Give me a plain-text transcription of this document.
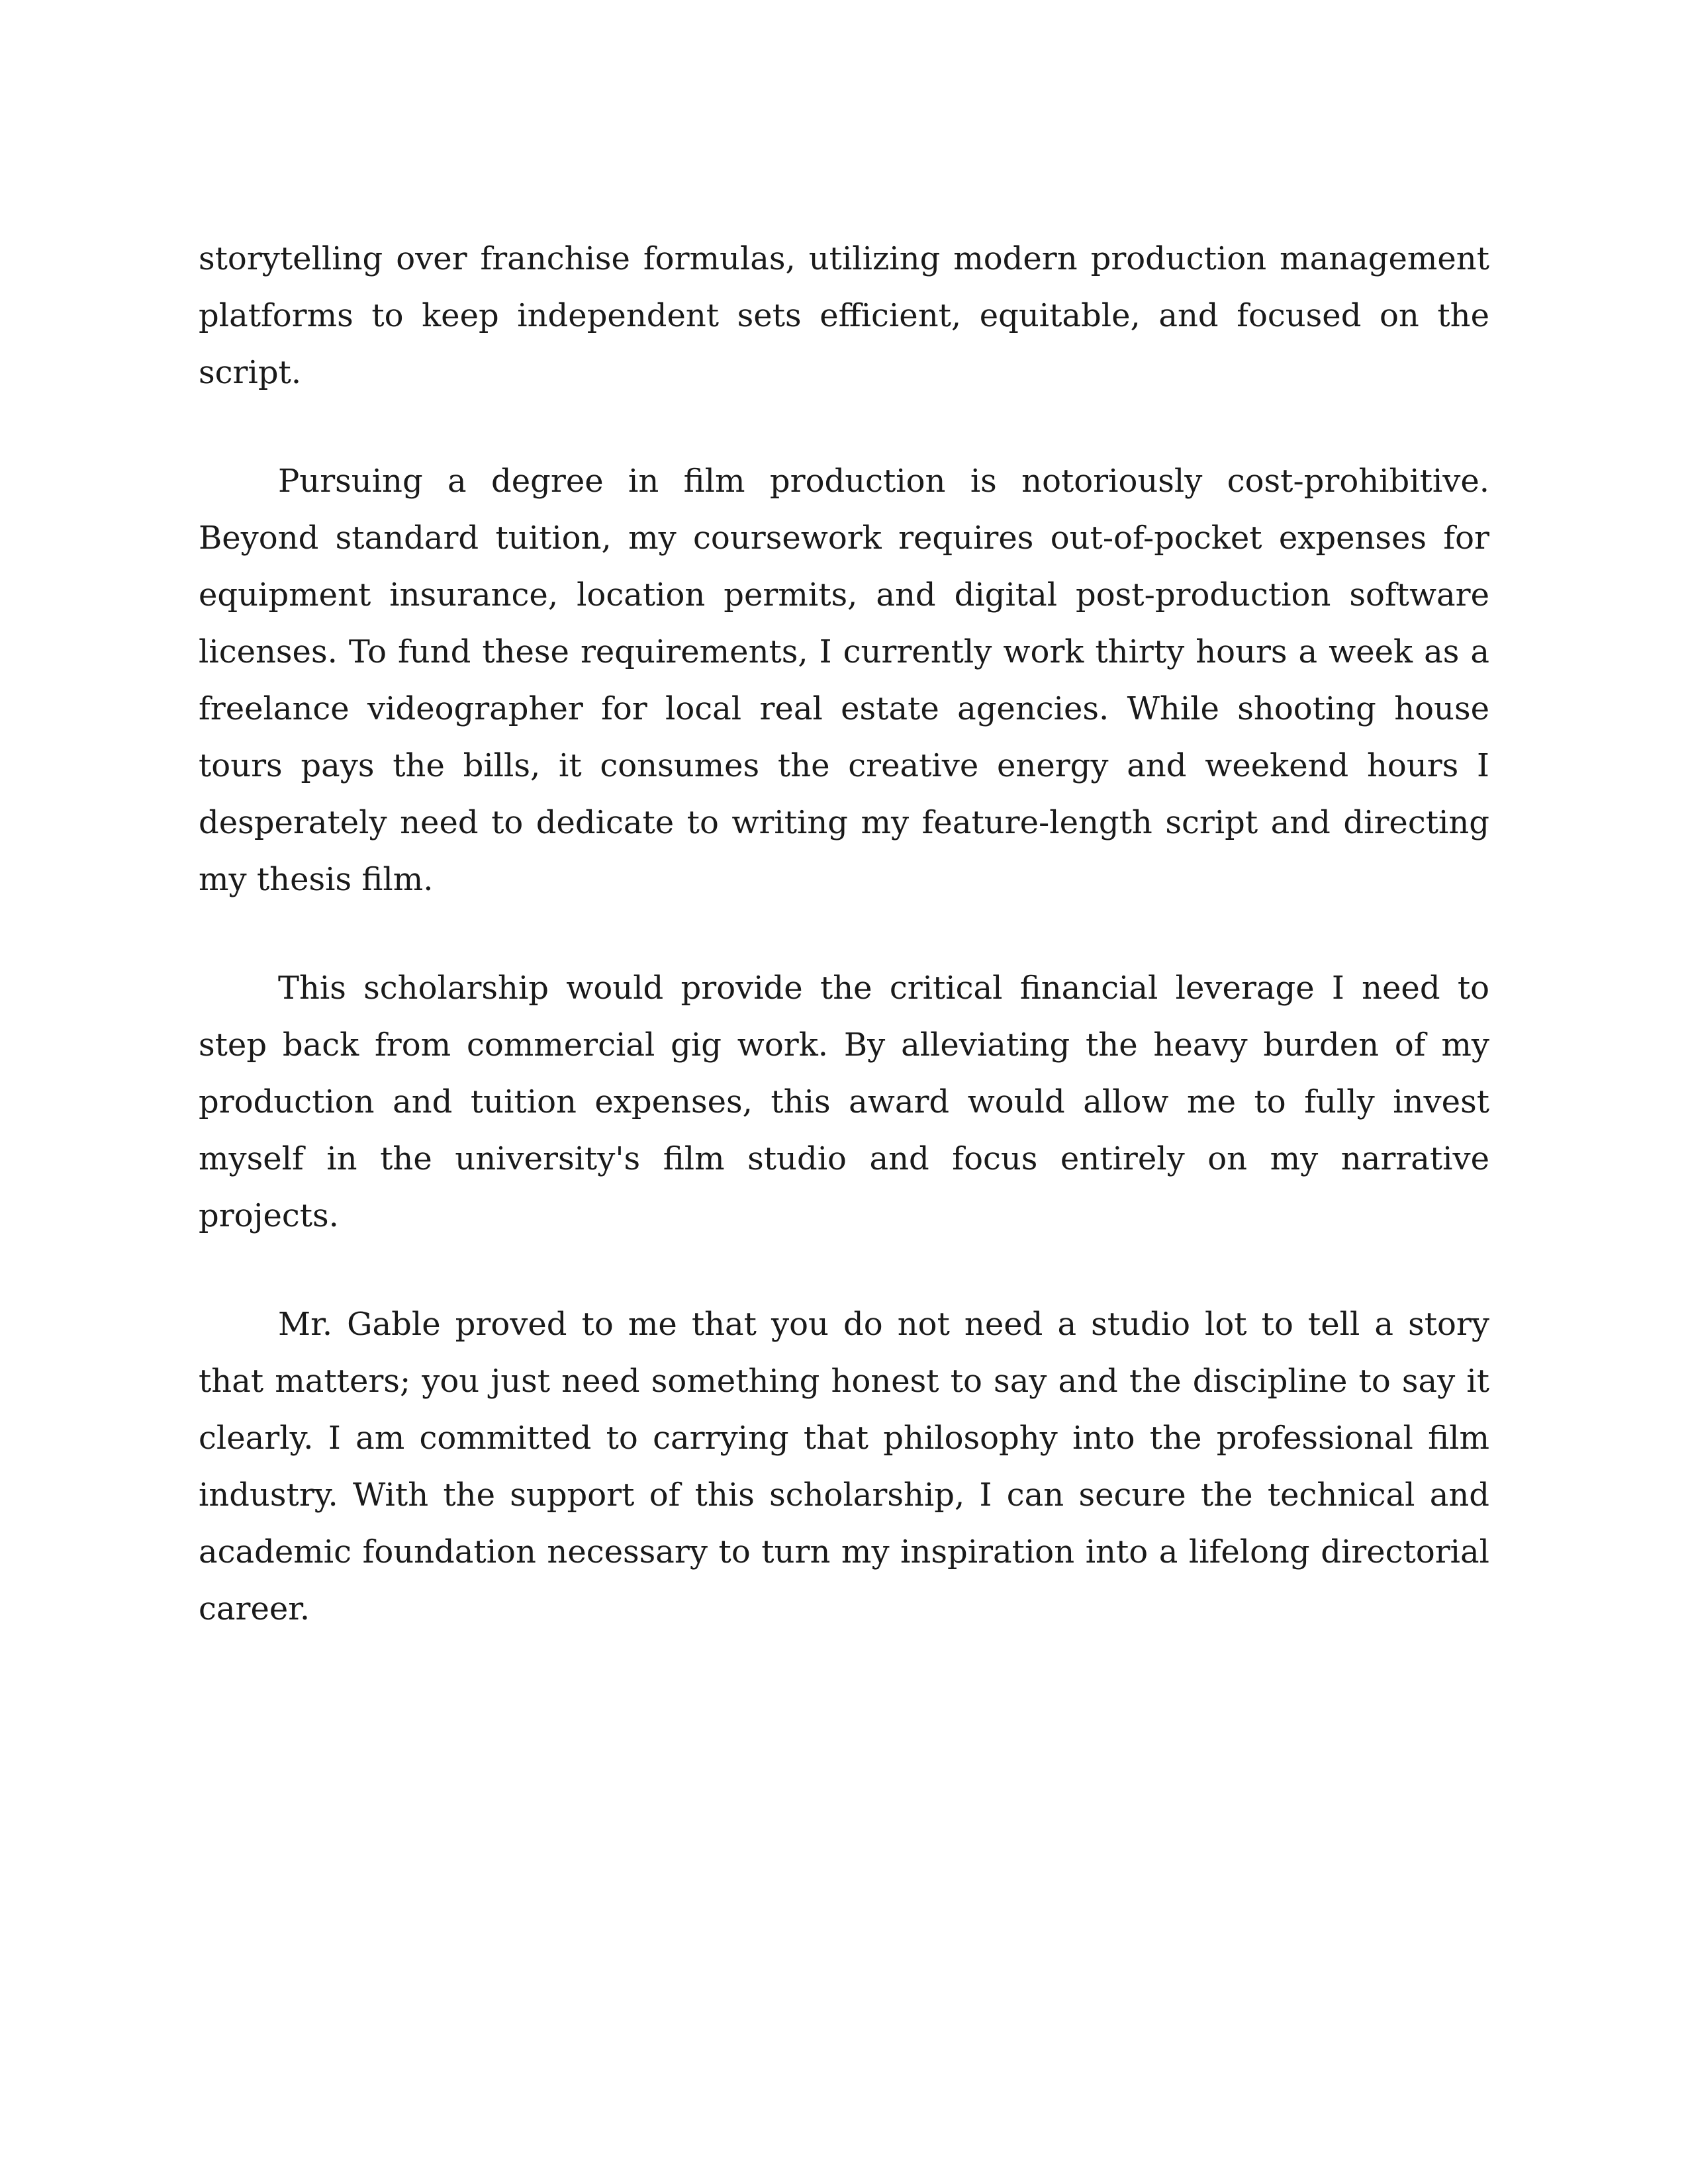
storytelling over franchise formulas, utilizing modern production management platforms to keep independent sets efficient, equitable, and focused on the script.

Pursuing a degree in film production is notoriously cost-prohibitive. Beyond standard tuition, my coursework requires out-of-pocket expenses for equipment insurance, location permits, and digital post-production software licenses. To fund these requirements, I currently work thirty hours a week as a freelance videographer for local real estate agencies. While shooting house tours pays the bills, it consumes the creative energy and weekend hours I desperately need to dedicate to writing my feature-length script and directing my thesis film.

This scholarship would provide the critical financial leverage I need to step back from commercial gig work. By alleviating the heavy burden of my production and tuition expenses, this award would allow me to fully invest myself in the university's film studio and focus entirely on my narrative projects.

Mr. Gable proved to me that you do not need a studio lot to tell a story that matters; you just need something honest to say and the discipline to say it clearly. I am committed to carrying that philosophy into the professional film industry. With the support of this scholarship, I can secure the technical and academic foundation necessary to turn my inspiration into a lifelong directorial career.
